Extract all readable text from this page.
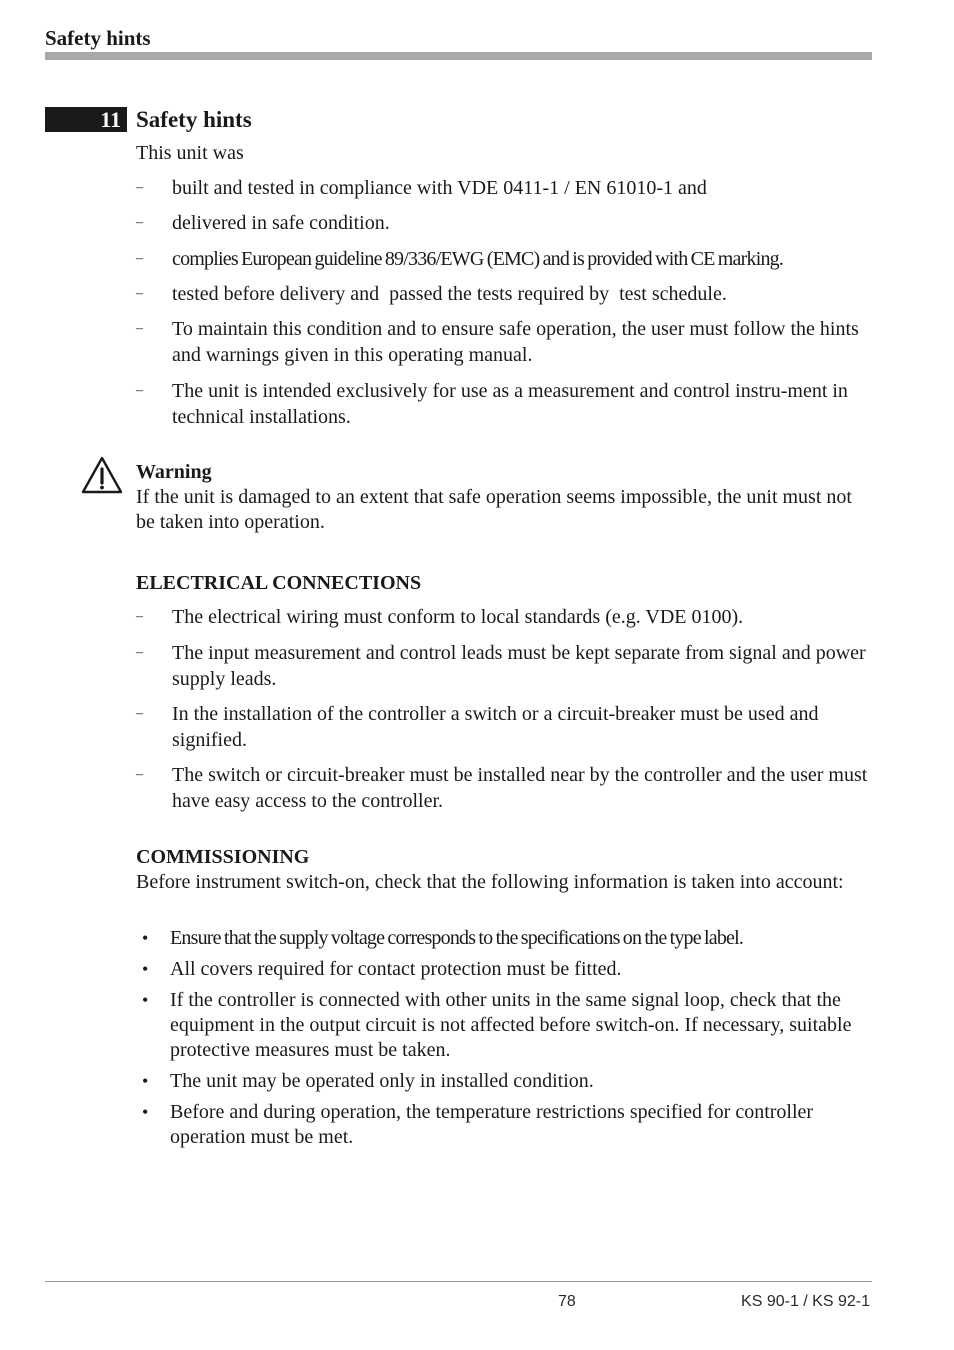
Safety hints
11 Safety hints
This unit was
– built and tested in compliance with VDE 0411-1 / EN 61010-1 and
– delivered in safe condition.
– complies European guideline 89/336/EWG (EMC) and is provided with CE marking.
– tested before delivery and  passed the tests required by  test schedule.
– To maintain this condition and to ensure safe operation, the user must follow the hints and warnings given in this operating manual.
– The unit is intended exclusively for use as a measurement and control instru-ment in technical installations.
Warning
If the unit is damaged to an extent that safe operation seems impossible, the unit must not be taken into operation.
ELECTRICAL CONNECTIONS
– The electrical wiring must conform to local standards (e.g. VDE 0100).
– The input measurement and control leads must be kept separate from signal and power supply leads.
– In the installation of the controller a switch or a circuit-breaker must be used and signified.
– The switch or circuit-breaker must be installed near by the controller and the user must have easy access to the controller.
COMMISSIONING
Before instrument switch-on, check that the following information is taken into account:
• Ensure that the supply voltage corresponds to the specifications on the type label.
• All covers required for contact protection must be fitted.
• If the controller is connected with other units in the same signal loop, check that the equipment in the output circuit is not affected before switch-on. If necessary, suitable protective measures must be taken.
• The unit may be operated only in installed condition.
• Before and during operation, the temperature restrictions specified for controller operation must be met.
78	KS 90-1 / KS 92-1
